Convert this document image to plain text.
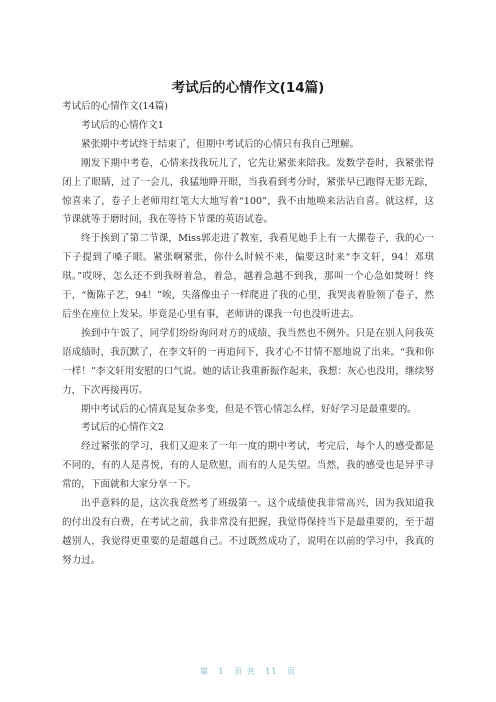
考试后的心情作文(14篇)

考试后的心情作文(14篇)

考试后的心情作文1

紧张期中考试终于结束了，但期中考试后的心情只有我自己理解。

刚发下期中考卷，心情来找我玩儿了，它先让紧张来陪我。发数学卷时，我紧张得闭上了眼睛，过了一会儿，我猛地睁开眼，当我看到考分时，紧张早已跑得无影无踪，惊喜来了，卷子上老师用红笔大大地写着“100”，我不由地唤来沾沾自喜。就这样，这节课就等于磨时间，我在等待下节课的英语试卷。

终于挨到了第二节课，Miss郭走进了教室，我看见她手上有一大摞卷子，我的心一下子提到了嗓子眼。紧张啊紧张，你什么时候不来，偏要这时来“李文轩，94！邓琪琪。”哎呀，怎么还不到我呀着急，着急，越着急越不到我，那叫一个心急如焚呀！终于，“衡陈子艺，94！”唉，失落像虫子一样爬进了我的心里，我哭丧着脸领了卷子，然后坐在座位上发呆。毕竟是心里有事，老师讲的课我一句也没听进去。

挨到中午饭了，同学们纷纷询问对方的成绩，我当然也不例外。只是在别人问我英语成绩时，我沉默了，在李文轩的一再追问下，我才心不甘情不愿地说了出来。“我和你一样！”李文轩用安慰的口气说。她的话让我重新振作起来，我想：灰心也没用，继续努力，下次再接再厉。

期中考试后的心情真是复杂多变，但是不管心情怎么样，好好学习是最重要的。

考试后的心情作文2

经过紧张的学习，我们又迎来了一年一度的期中考试，考完后，每个人的感受都是不同的，有的人是喜悦，有的人是欣慰，而有的人是失望。当然，我的感受也是异乎寻常的，下面就和大家分享一下。

出乎意料的是，这次我竟然考了班级第一。这个成绩使我非常高兴，因为我知道我的付出没有白费，在考试之前，我非常没有把握，我觉得保持当下是最重要的，至于超越别人，我觉得更重要的是超越自己。不过既然成功了，说明在以前的学习中，我真的努力过。

第 1 页 共 11 页
